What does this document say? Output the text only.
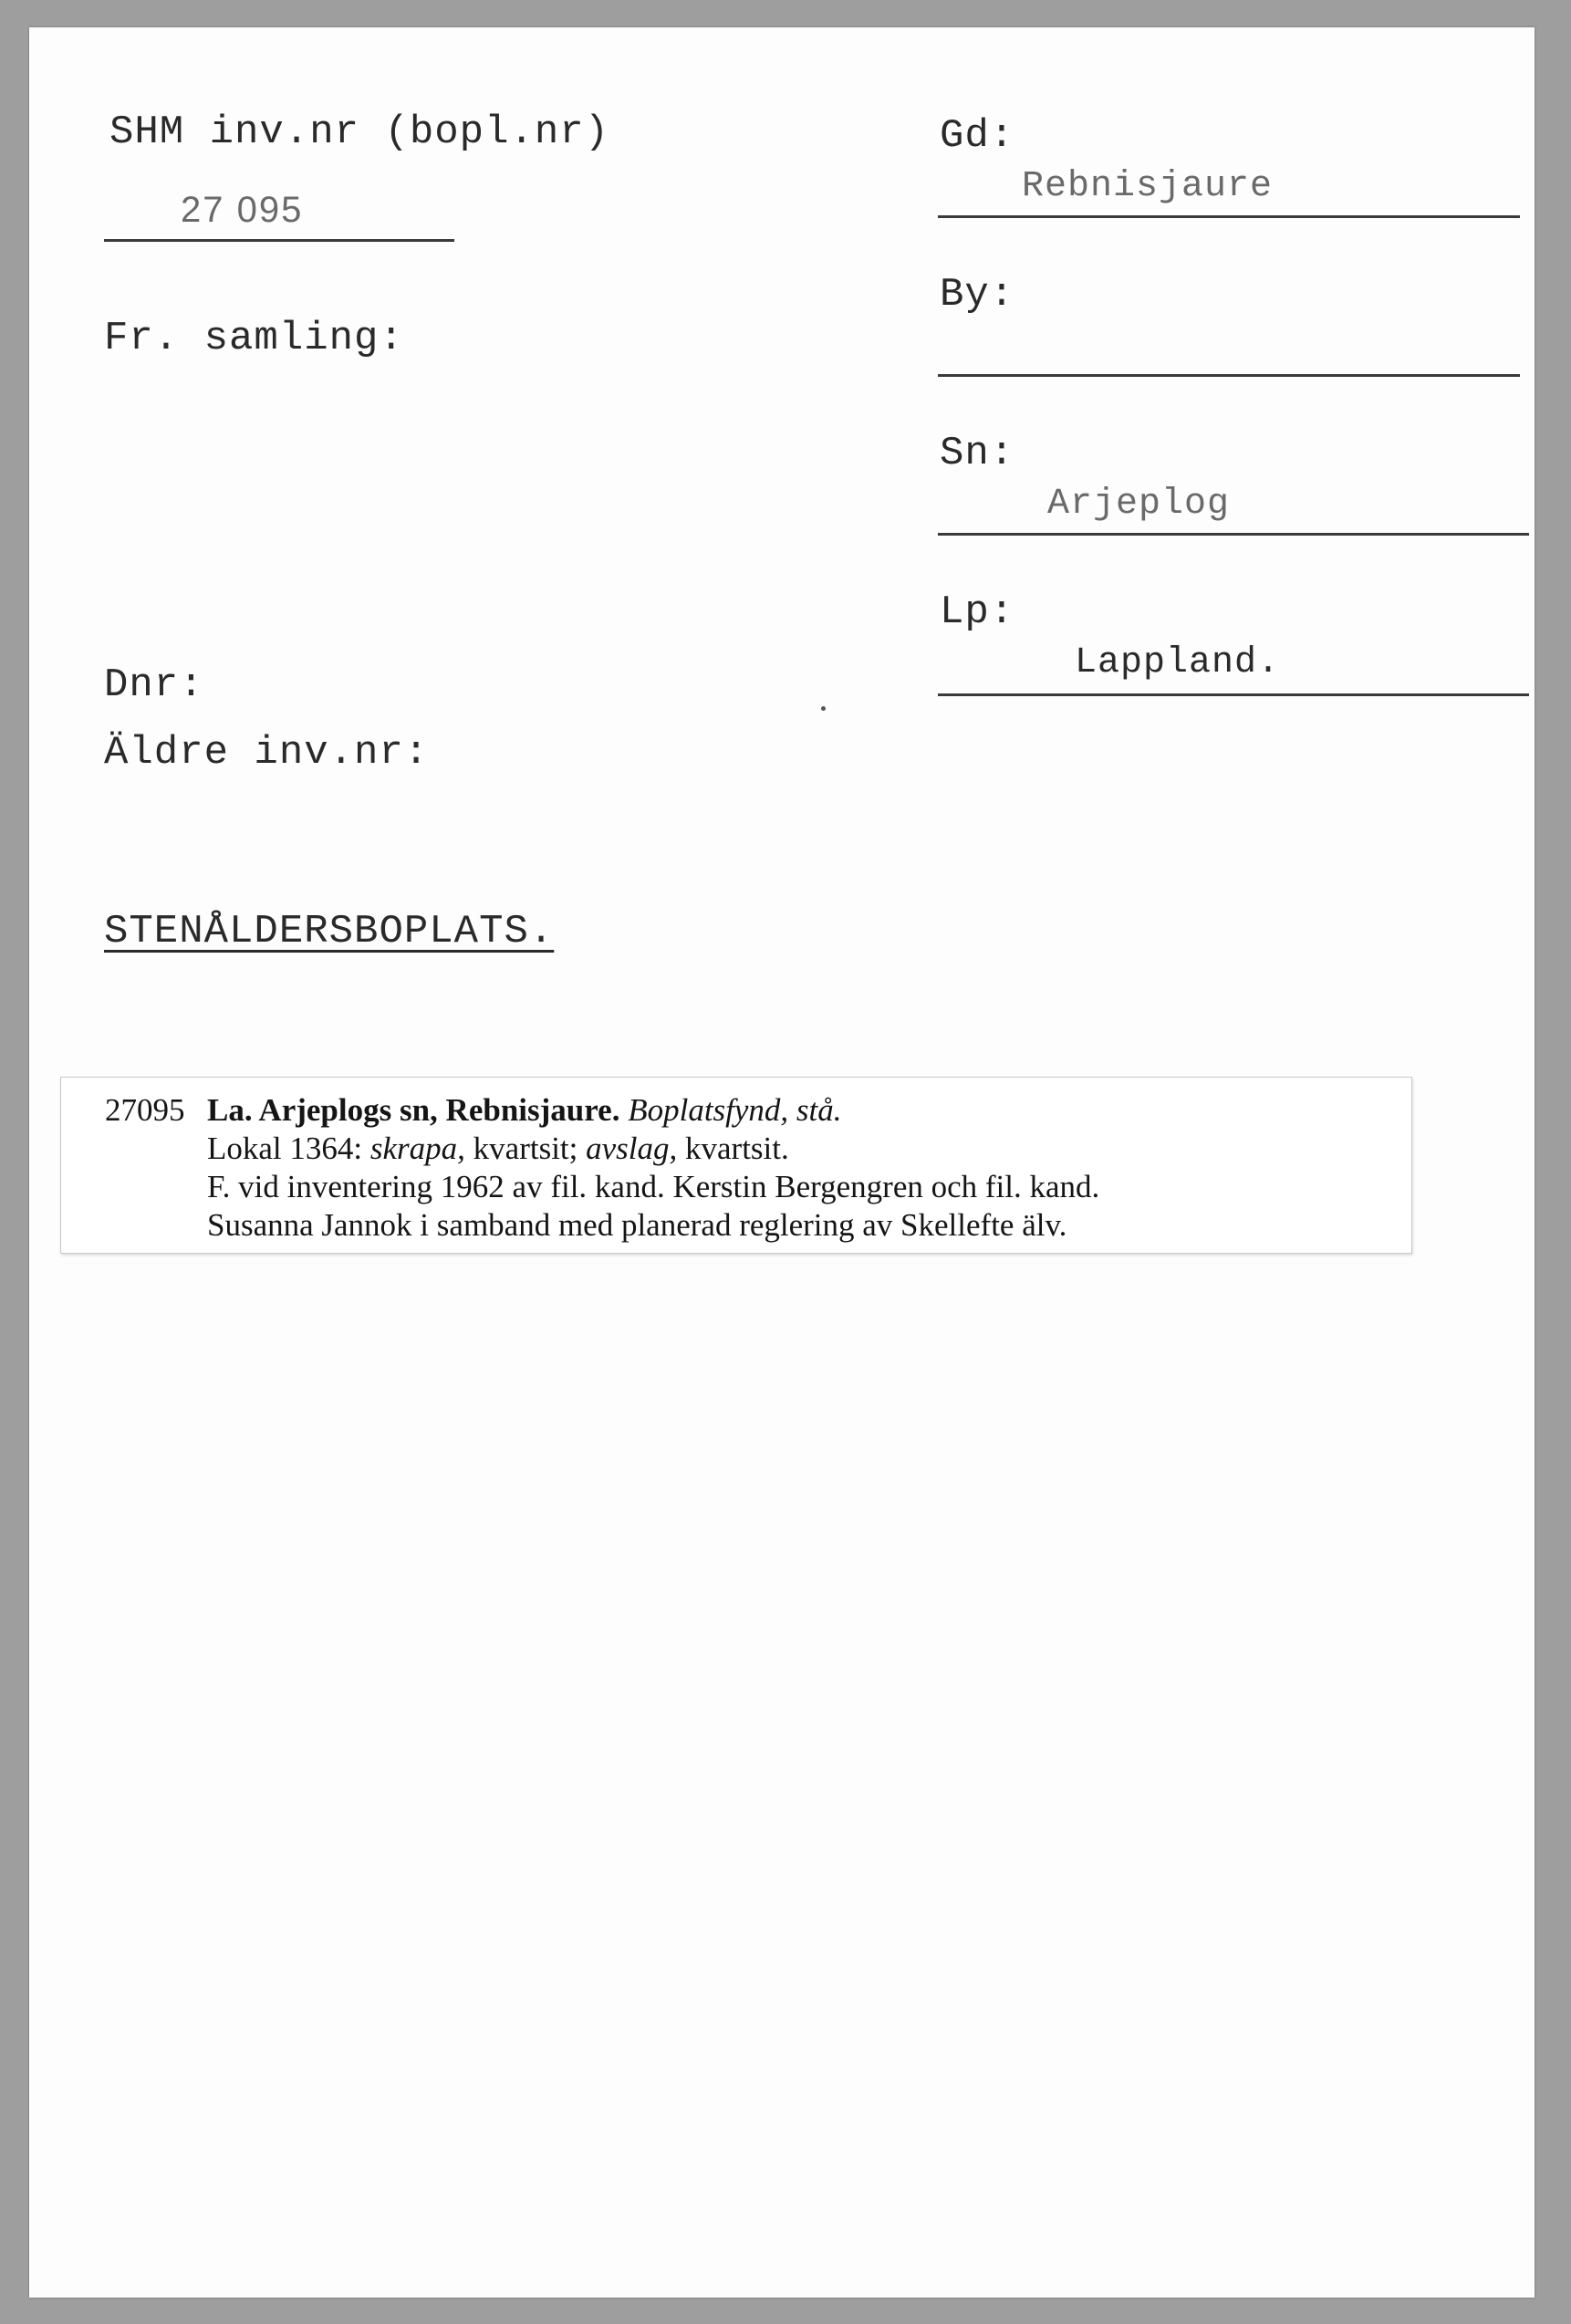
SHM inv.nr (bopl.nr)
27 095
Fr. samling:
Dnr:
Äldre inv.nr:
STENÅLDERSBOPLATS.
Gd:
Rebnisjaure
By:
Sn:
Arjeplog
Lp:
Lappland.
27095 La. Arjeplogs sn, Rebnisjaure. Boplatsfynd, stå.
Lokal 1364: skrapa, kvartsit; avslag, kvartsit.
F. vid inventering 1962 av fil. kand. Kerstin Bergengren och fil. kand.
Susanna Jannok i samband med planerad reglering av Skellefte älv.
